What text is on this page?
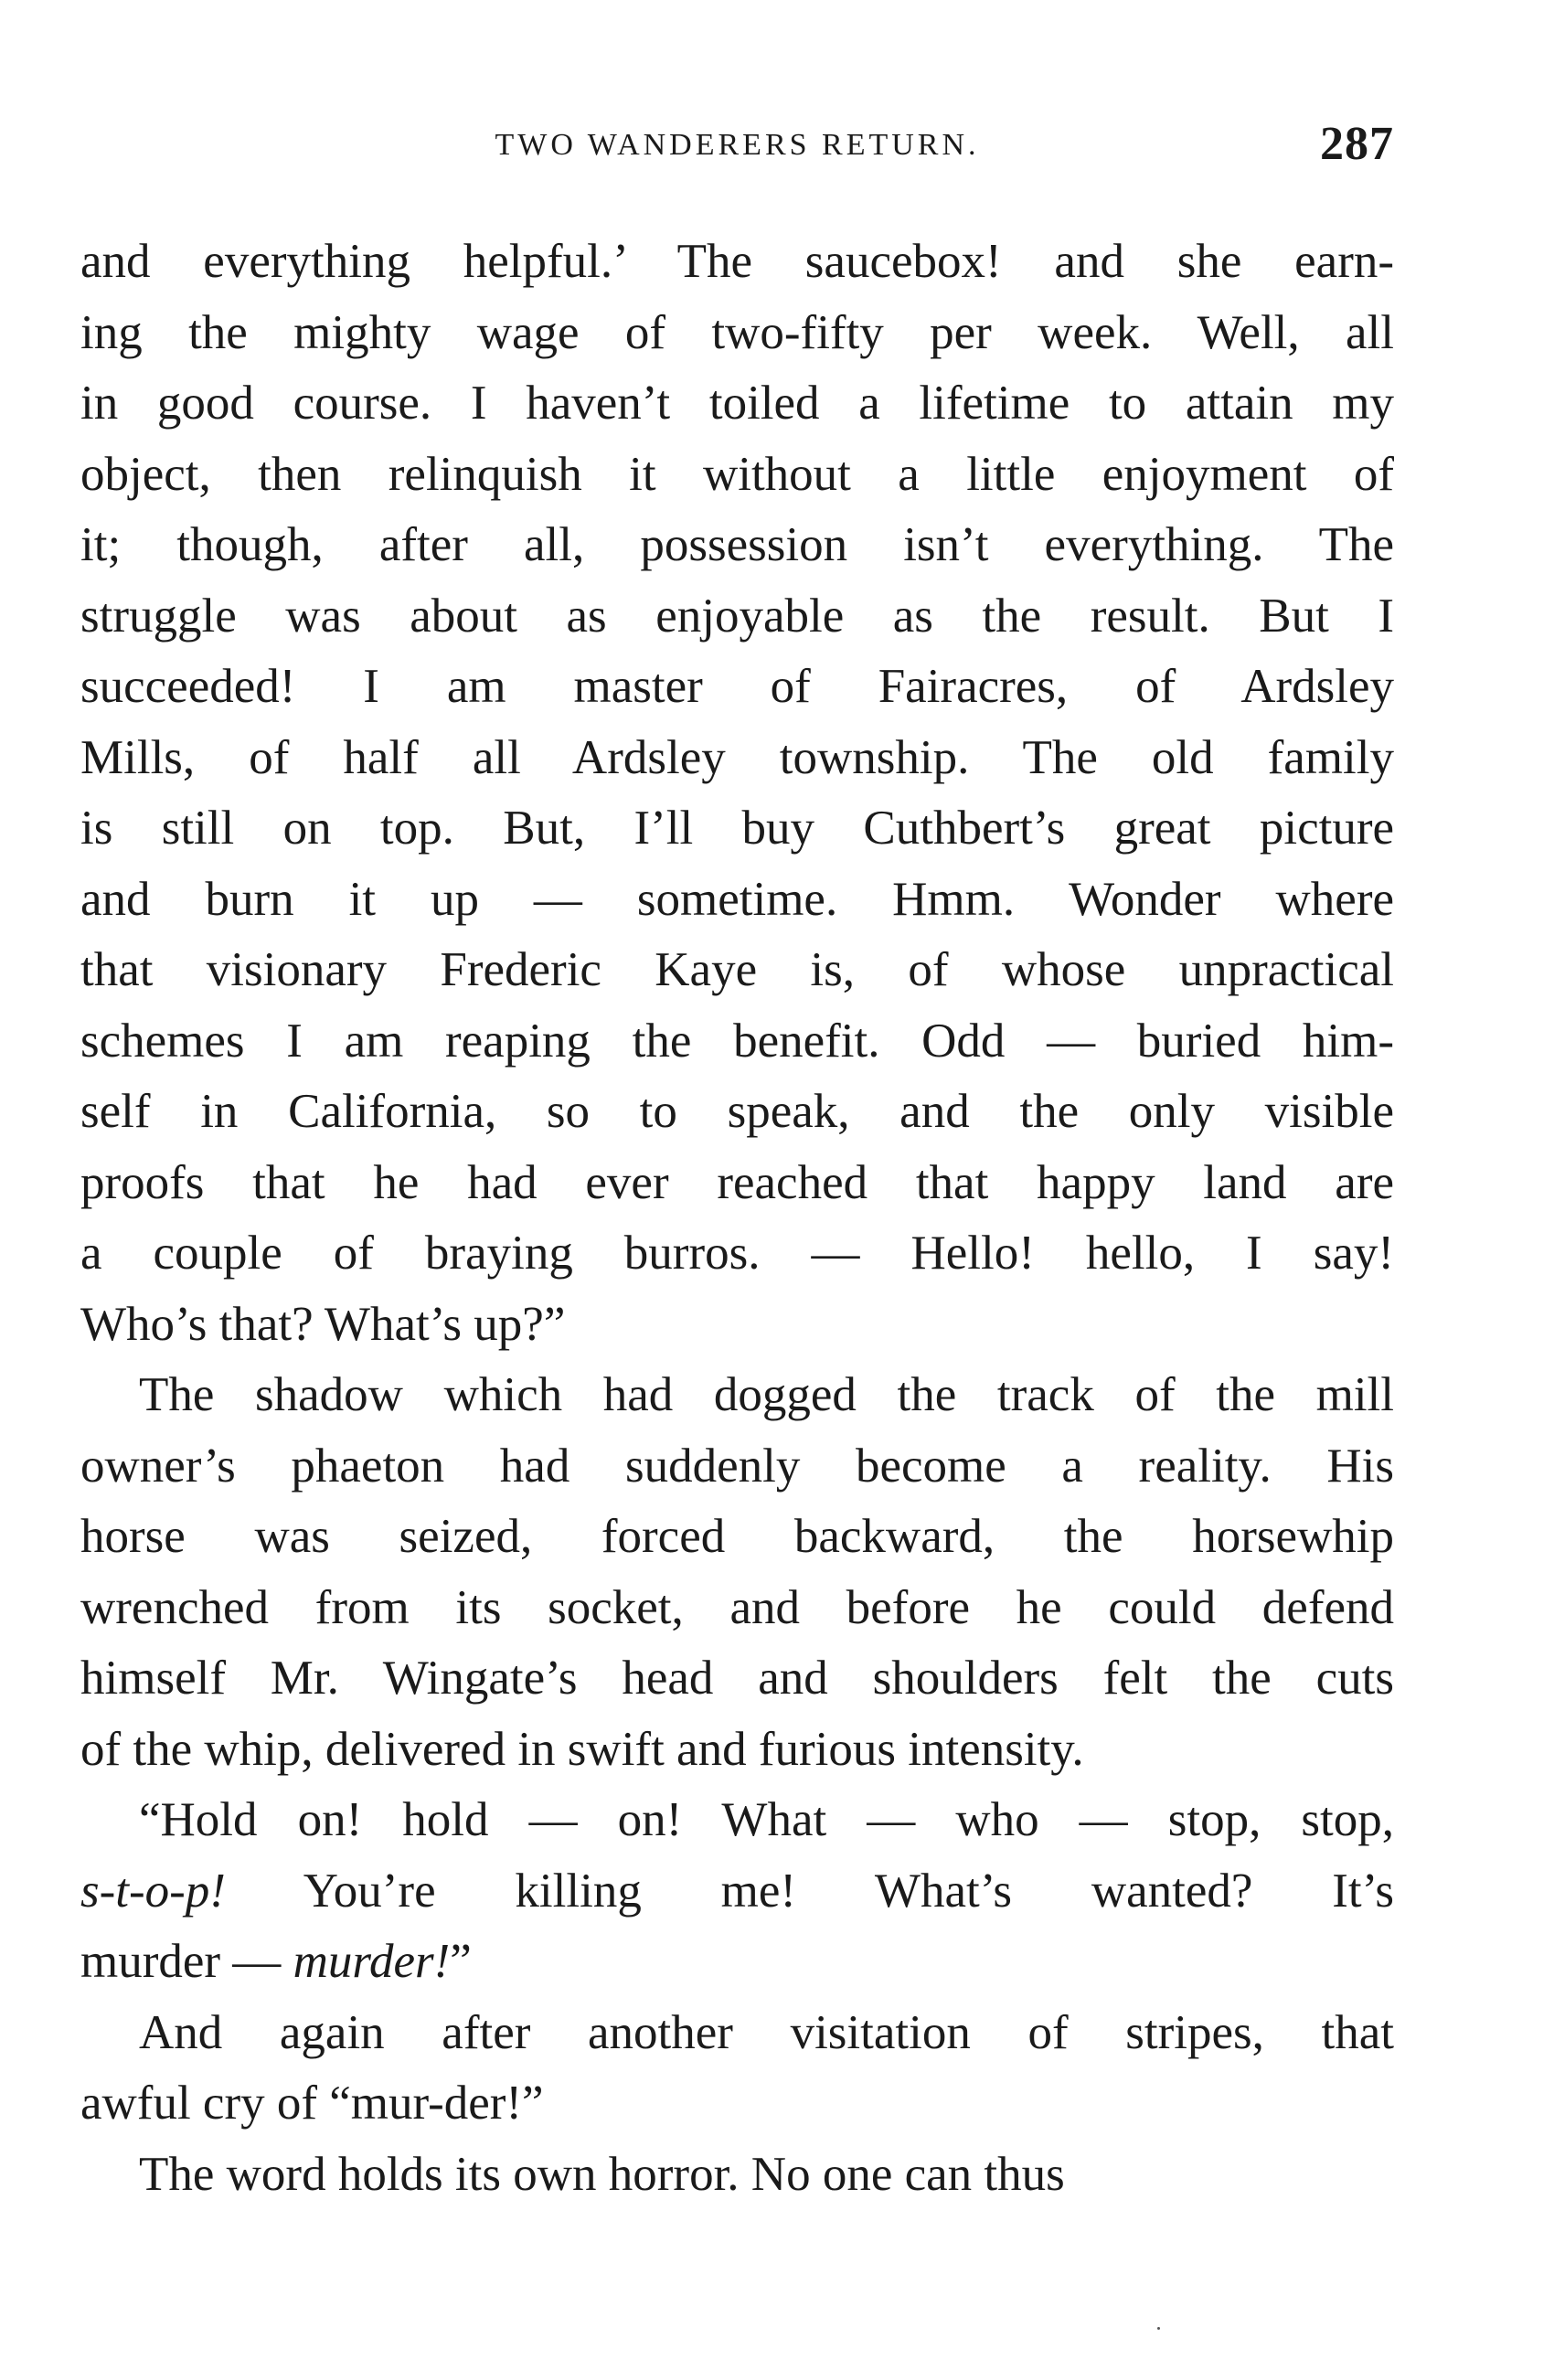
TWO WANDERERS RETURN.	287
and everything helpful.’ The saucebox! and she earn-
ing the mighty wage of two-fifty per week. Well, all
in good course. I haven’t toiled a lifetime to attain my
object, then relinquish it without a little enjoyment of
it; though, after all, possession isn’t everything. The
struggle was about as enjoyable as the result. But I
succeeded! I am master of Fairacres, of Ardsley
Mills, of half all Ardsley township. The old family
is still on top. But, I’ll buy Cuthbert’s great picture
and burn it up — sometime. Hmm. Wonder where
that visionary Frederic Kaye is, of whose unpractical
schemes I am reaping the benefit. Odd — buried him-
self in California, so to speak, and the only visible
proofs that he had ever reached that happy land are
a couple of braying burros. — Hello! hello, I say!
Who’s that? What’s up?”
The shadow which had dogged the track of the mill
owner’s phaeton had suddenly become a reality. His
horse was seized, forced backward, the horsewhip
wrenched from its socket, and before he could defend
himself Mr. Wingate’s head and shoulders felt the cuts
of the whip, delivered in swift and furious intensity.
“Hold on! hold — on! What — who — stop, stop,
s-t-o-p! You’re killing me! What’s wanted? It’s
murder — murder!”
And again after another visitation of stripes, that
awful cry of “mur-der!”
The word holds its own horror. No one can thus
